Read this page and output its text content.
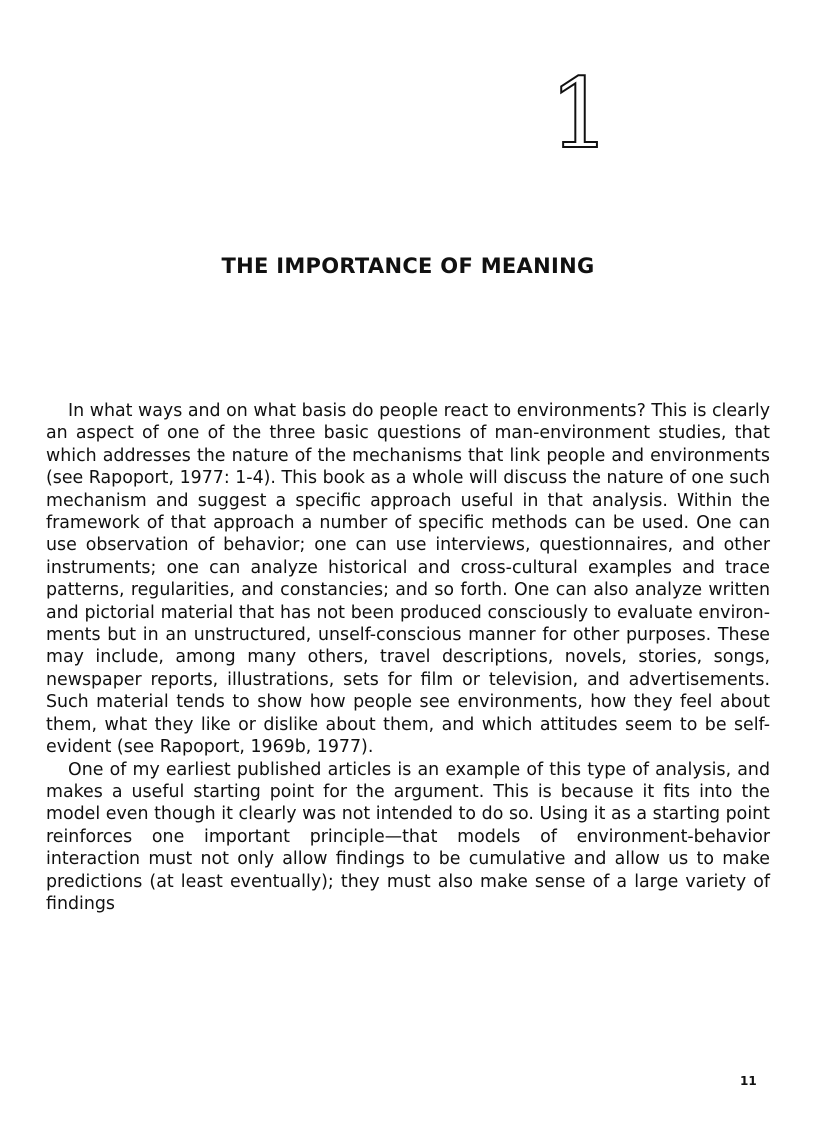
1
THE IMPORTANCE OF MEANING

In what ways and on what basis do people react to environments? This is clearly an aspect of one of the three basic questions of man-environment studies, that which addresses the nature of the mechanisms that link people and environments (see Rapoport, 1977: 1-4). This book as a whole will discuss the nature of one such mechanism and suggest a specific approach useful in that analysis. Within the framework of that approach a number of specific methods can be used. One can use observation of behavior; one can use interviews, questionnaires, and other instruments; one can analyze historical and cross-cultural examples and trace patterns, regularities, and constancies; and so forth. One can also analyze written and pictorial material that has not been produced consciously to evaluate environments but in an unstructured, unself-conscious manner for other purposes. These may include, among many others, travel descriptions, novels, stories, songs, newspaper reports, illustrations, sets for film or television, and advertisements. Such material tends to show how people see environments, how they feel about them, what they like or dislike about them, and which attitudes seem to be self-evident (see Rapoport, 1969b, 1977).

One of my earliest published articles is an example of this type of analysis, and makes a useful starting point for the argument. This is because it fits into the model even though it clearly was not intended to do so. Using it as a starting point reinforces one important principle—that models of environment-behavior interaction must not only allow findings to be cumulative and allow us to make predictions (at least eventually); they must also make sense of a large variety of findings

11
